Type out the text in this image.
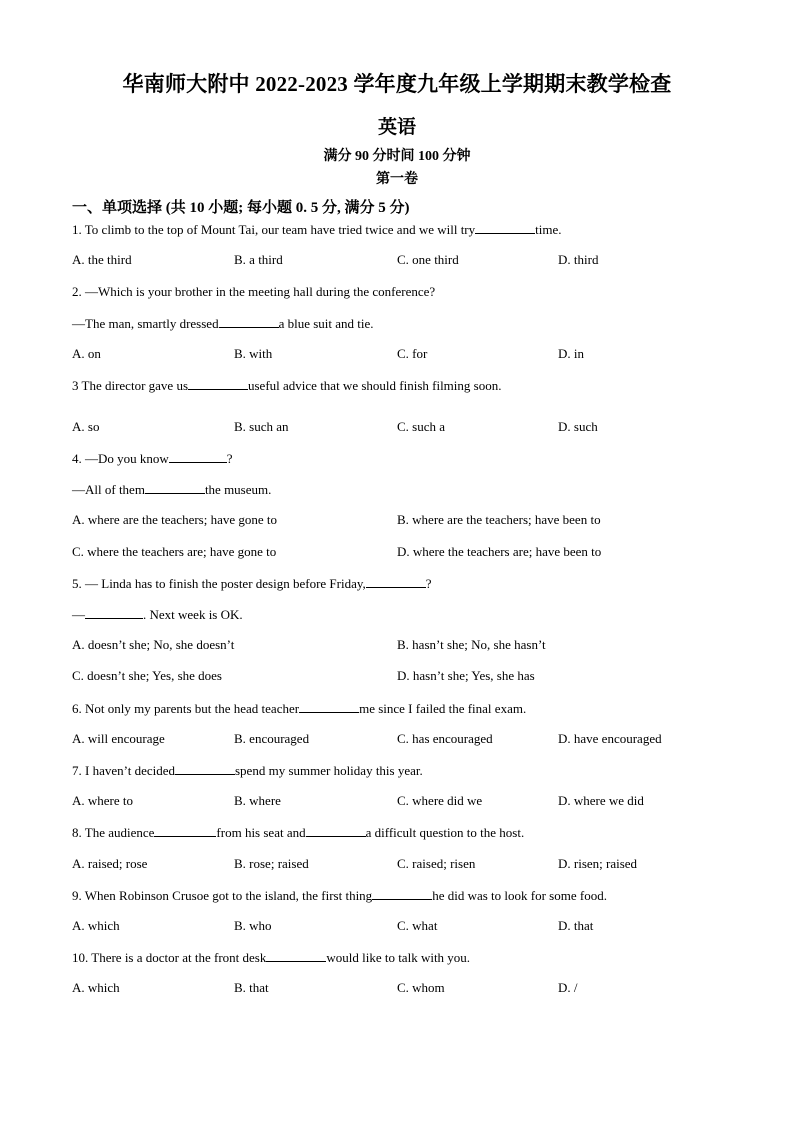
华南师大附中 2022-2023 学年度九年级上学期期末教学检查
英语
满分 90 分时间 100 分钟
第一卷
一、单项选择 (共 10 小题; 每小题 0. 5 分, 满分 5 分)
1. To climb to the top of Mount Tai, our team have tried twice and we will try	time.
A. the third	B. a third	C. one third	D. third
2. —Which is your brother in the meeting hall during the conference?
—The man, smartly dressed	a blue suit and tie.
A. on	B. with	C. for	D. in
3 The director gave us	useful advice that we should finish filming soon.
A. so	B. such an	C. such a	D. such
4. —Do you know	?
—All of them	the museum.
A. where are the teachers; have gone to	B. where are the teachers; have been to
C. where the teachers are; have gone to	D. where the teachers are; have been to
5. — Linda has to finish the poster design before Friday,	?
—	. Next week is OK.
A. doesn’t she; No, she doesn’t	B. hasn’t she; No, she hasn’t
C. doesn’t she; Yes, she does	D. hasn’t she; Yes, she has
6. Not only my parents but the head teacher	me since I failed the final exam.
A. will encourage	B. encouraged	C. has encouraged	D. have encouraged
7. I haven’t decided	spend my summer holiday this year.
A. where to	B. where	C. where did we	D. where we did
8. The audience	from his seat and	a difficult question to the host.
A. raised; rose	B. rose; raised	C. raised; risen	D. risen; raised
9. When Robinson Crusoe got to the island, the first thing	he did was to look for some food.
A. which	B. who	C. what	D. that
10. There is a doctor at the front desk	would like to talk with you.
A. which	B. that	C. whom	D. /
